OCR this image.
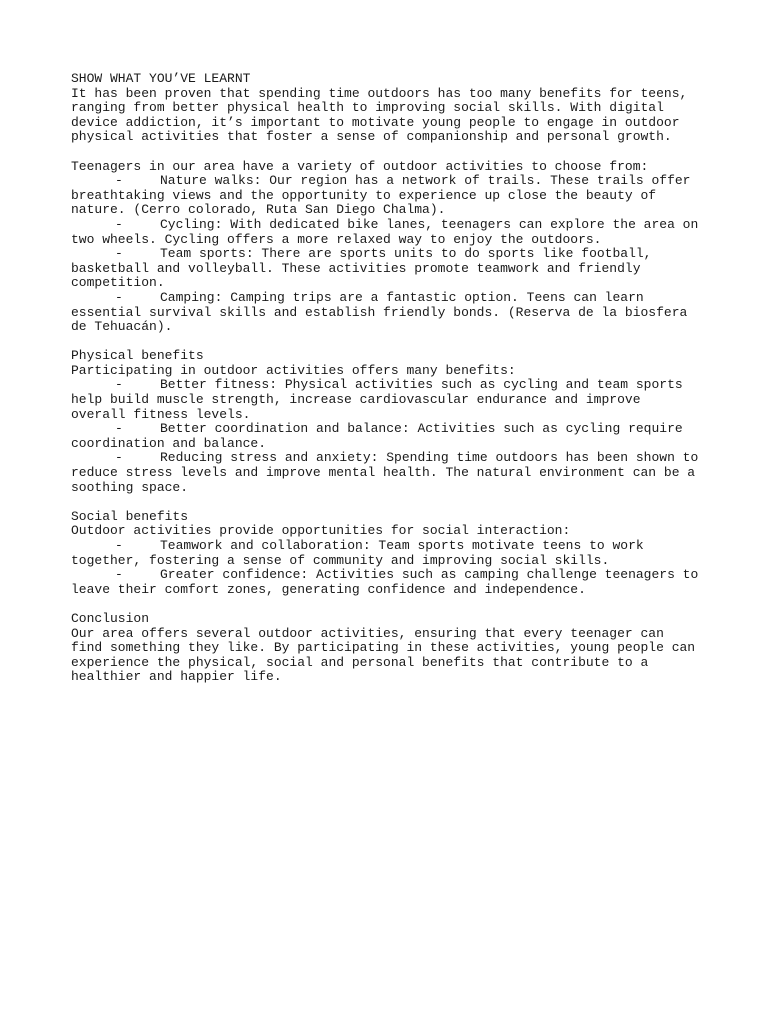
SHOW WHAT YOU’VE LEARNT

It has been proven that spending time outdoors has too many benefits for teens, ranging from better physical health to improving social skills. With digital device addiction, it’s important to motivate young people to engage in outdoor physical activities that foster a sense of companionship and personal growth.

Teenagers in our area have a variety of outdoor activities to choose from:

-	Nature walks: Our region has a network of trails. These trails offer breathtaking views and the opportunity to experience up close the beauty of nature. (Cerro colorado, Ruta San Diego Chalma).

-	Cycling: With dedicated bike lanes, teenagers can explore the area on two wheels. Cycling offers a more relaxed way to enjoy the outdoors.

-	Team sports: There are sports units to do sports like football, basketball and volleyball. These activities promote teamwork and friendly competition.

-	Camping: Camping trips are a fantastic option. Teens can learn essential survival skills and establish friendly bonds. (Reserva de la biosfera de Tehuacán).

Physical benefits

Participating in outdoor activities offers many benefits:

-	Better fitness: Physical activities such as cycling and team sports help build muscle strength, increase cardiovascular endurance and improve overall fitness levels.

-	Better coordination and balance: Activities such as cycling require coordination and balance.

-	Reducing stress and anxiety: Spending time outdoors has been shown to reduce stress levels and improve mental health. The natural environment can be a soothing space.

Social benefits

Outdoor activities provide opportunities for social interaction:

-	Teamwork and collaboration: Team sports motivate teens to work together, fostering a sense of community and improving social skills.

-	Greater confidence: Activities such as camping challenge teenagers to leave their comfort zones, generating confidence and independence.

Conclusion

Our area offers several outdoor activities, ensuring that every teenager can find something they like. By participating in these activities, young people can experience the physical, social and personal benefits that contribute to a healthier and happier life.
